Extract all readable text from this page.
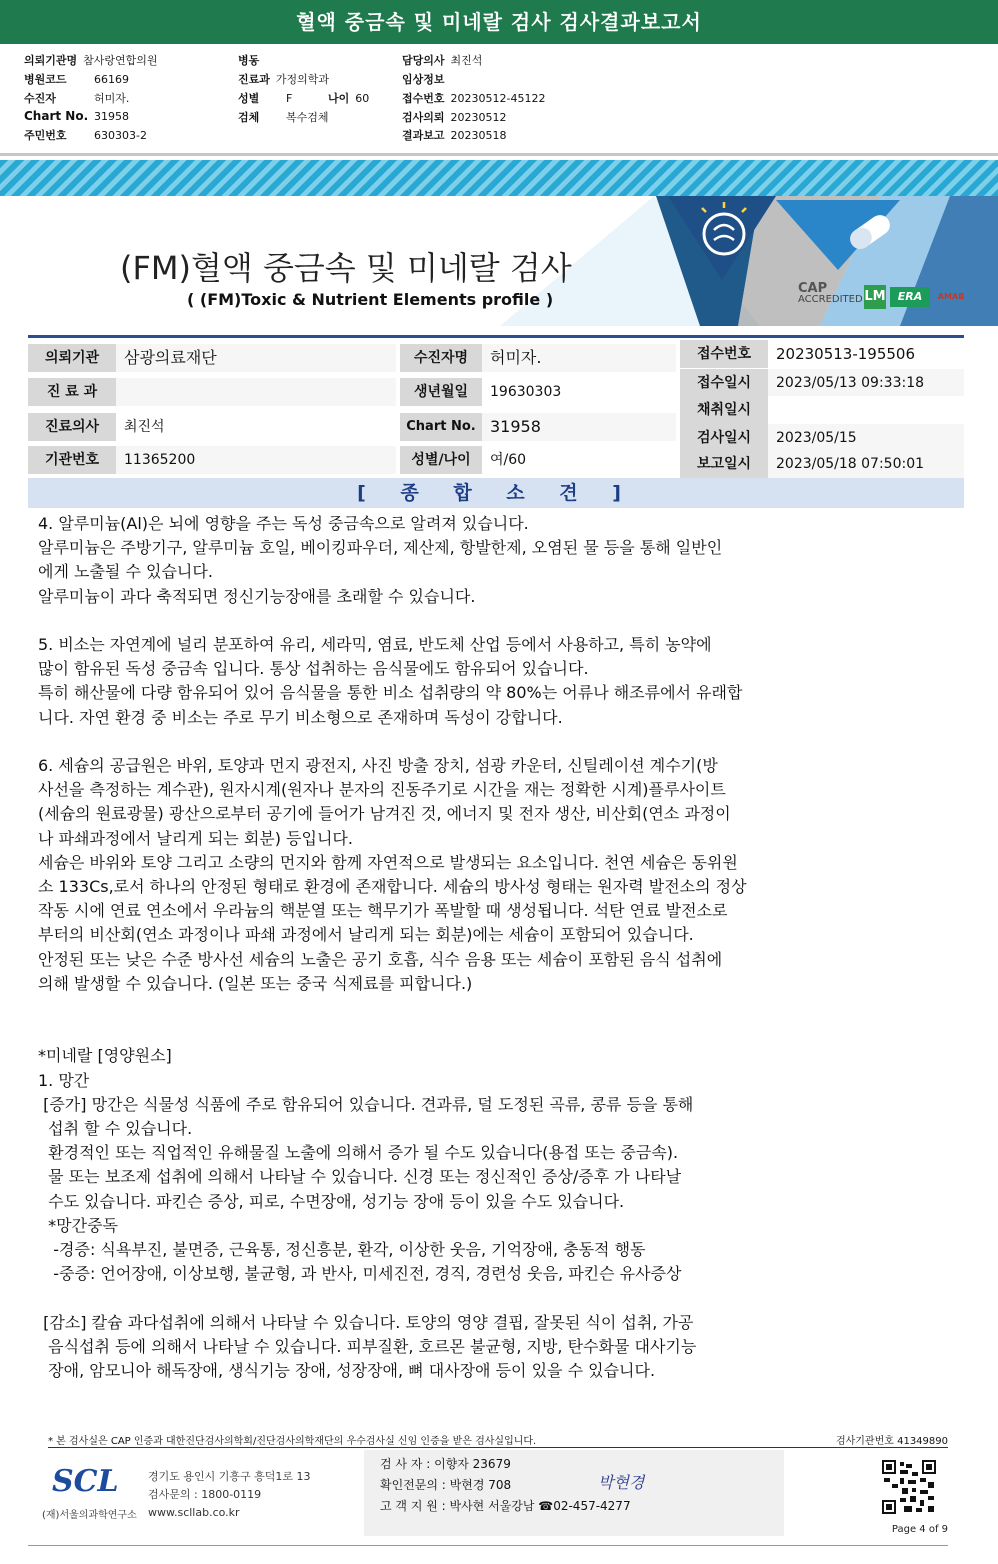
혈액 중금속 및 미네랄 검사 검사결과보고서
의뢰기관명 참사랑연합의원
병원코드 66169
수진자	허미자.
Chart No. 31958
주민번호 630303-2
병동
진료과 가정의학과
성별 F	나이 60
검체 복수검체
담당의사 최진석
임상정보
접수번호 20230512-45122
검사의뢰 20230512
결과보고 20230518
(FM)혈액 중금속 및 미네랄 검사
( (FM)Toxic & Nutrient Elements profile )
CAP
ACCREDITED LM	ERA	AMAB
의뢰기관	삼광의료재단
진 료 과
진료의사	최진석
기관번호	11365200
수진자명	허미자.
생년월일	19630303
Chart No. 31958
성별/나이	여/60
접수번호	20230513-195506
접수일시	2023/05/13 09:33:18
채취일시
검사일시	2023/05/15
보고일시	2023/05/18 07:50:01
[ 종 합 소 견 ]

4. 알루미늄(Al)은 뇌에 영향을 주는 독성 중금속으로 알려져 있습니다.

알루미늄은 주방기구, 알루미늄 호일, 베이킹파우더, 제산제, 항발한제, 오염된 물 등을 통해 일반인

에게 노출될 수 있습니다.

알루미늄이 과다 축적되면 정신기능장애를 초래할 수 있습니다.

5. 비소는 자연계에 널리 분포하여 유리, 세라믹, 염료, 반도체 산업 등에서 사용하고, 특히 농약에

많이 함유된 독성 중금속 입니다. 통상 섭취하는 음식물에도 함유되어 있습니다.

특히 해산물에 다량 함유되어 있어 음식물을 통한 비소 섭취량의 약 80%는 어류나 해조류에서 유래합

니다. 자연 환경 중 비소는 주로 무기 비소형으로 존재하며 독성이 강합니다.

6. 세슘의 공급원은 바위, 토양과 먼지 광전지, 사진 방출 장치, 섬광 카운터, 신틸레이션 계수기(방

사선을 측정하는 계수관), 원자시계(원자나 분자의 진동주기로 시간을 재는 정확한 시계)플루사이트

(세슘의 원료광물) 광산으로부터 공기에 들어가 남겨진 것, 에너지 및 전자 생산, 비산회(연소 과정이

나 파쇄과정에서 날리게 되는 회분) 등입니다.

세슘은 바위와 토양 그리고 소량의 먼지와 함께 자연적으로 발생되는 요소입니다. 천연 세슘은 동위원

소 133Cs,로서 하나의 안정된 형태로 환경에 존재합니다. 세슘의 방사성 형태는 원자력 발전소의 정상

작동 시에 연료 연소에서 우라늄의 핵분열 또는 핵무기가 폭발할 때 생성됩니다. 석탄 연료 발전소로

부터의 비산회(연소 과정이나 파쇄 과정에서 날리게 되는 회분)에는 세슘이 포함되어 있습니다.

안정된 또는 낮은 수준 방사선 세슘의 노출은 공기 호흡, 식수 음용 또는 세슘이 포함된 음식 섭취에

의해 발생할 수 있습니다. (일본 또는 중국 식제료를 피합니다.)

*미네랄 [영양원소]

1. 망간

[증가] 망간은 식물성 식품에 주로 함유되어 있습니다. 견과류, 덜 도정된 곡류, 콩류 등을 통해

섭취 할 수 있습니다.

환경적인 또는 직업적인 유해물질 노출에 의해서 증가 될 수도 있습니다(용접 또는 중금속).

물 또는 보조제 섭취에 의해서 나타날 수 있습니다. 신경 또는 정신적인 증상/증후 가 나타날

수도 있습니다. 파킨슨 증상, 피로, 수면장애, 성기능 장애 등이 있을 수도 있습니다.

*망간중독

-경증: 식욕부진, 불면증, 근육통, 정신흥분, 환각, 이상한 웃음, 기억장애, 충동적 행동

-중증: 언어장애, 이상보행, 불균형, 과 반사, 미세진전, 경직, 경련성 웃음, 파킨슨 유사증상

[감소] 칼슘 과다섭취에 의해서 나타날 수 있습니다. 토양의 영양 결핍, 잘못된 식이 섭취, 가공

음식섭취 등에 의해서 나타날 수 있습니다. 피부질환, 호르몬 불균형, 지방, 탄수화물 대사기능

장애, 암모니아 해독장애, 생식기능 장애, 성장장애, 뼈 대사장애 등이 있을 수 있습니다.

* 본 검사실은 CAP 인증과 대한진단검사의학회/진단검사의학재단의 우수검사실 신임 인증을 받은 검사실입니다.	검사기관번호 41349890
SCL
(재)서울의과학연구소
경기도 용인시 기흥구 흥덕1로 13
검사문의 : 1800-0119
www.scllab.co.kr
검 사 자 : 이향자 23679
확인전문의 : 박현경 708
고 객 지 원 : 박사현 서울강남 ☎02-457-4277
박현경
Page 4 of 9
